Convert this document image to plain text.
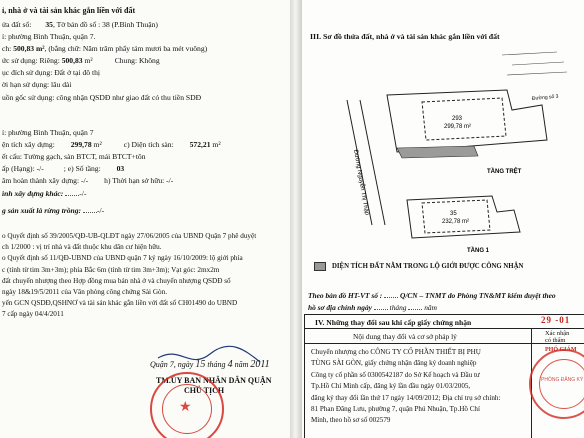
ỉ, nhà ở và tài sản khác gắn liền với đất
ửa đất số: 35, Tờ bản đồ số : 38 (P.Bình Thuận)
ỉ: phường Bình Thuận, quận 7.
ch: 500,83 m², (bằng chữ: Năm trăm phẩy tám mươi ba mét vuông)
ức sử dụng: Riêng: 500,83 m²	Chung: Không
ục đích sử dụng: Đất ở tại đô thị
ời hạn sử dụng: lâu dài
uồn gốc sử dụng: công nhận QSDĐ như giao đất có thu tiền SDĐ
ỉ: phường Bình Thuận, quận 7
ện tích xây dựng: 299,78 m²	c) Diện tích sàn: 572,21 m²
ết cấu: Tường gạch, sàn BTCT, mái BTCT+tôn
ấp (Hạng): -/-	; e) Số tầng: 03
ăm hoàn thành xây dựng: -/- h) Thời hạn sở hữu: -/-
ình xây dựng khác: -/-
g sản xuất là rừng trồng: -/-
o Quyết định số 39/2005/QĐ-UB-QLĐT ngày 27/06/2005 của UBND Quận 7 phê duyệt
ch 1/2000 : vị trí nhà và đất thuộc khu dân cư hiện hữu.
o Quyết định số 11/QĐ-UBND của UBND quận 7 ký ngày 16/10/2009: lộ giới phía
c (tính từ tim 3m+3m); phía Bắc 6m (tính từ tim 3m+3m); Vạt góc: 2mx2m
đất chuyển nhượng theo Hợp đồng mua bán nhà ở và chuyển nhượng QSDĐ số
ngày 18&19/5/2011 của Văn phòng công chứng Sài Gòn.
yển GCN QSDĐ,QSHNƠ và tài sản khác gắn liền với đất số CH01490 do UBND
7 cấp ngày 04/4/2011
Quận 7, ngày 15 tháng 4 năm 2011
TM.ỦY BAN NHÂN DÂN QUẬN
CHỦ TỊCH
★
III. Sơ đồ thửa đất, nhà ở và tài sản khác gắn liền với đất
Đường Nguyễn Thị Thập
293
299,78 m²
Đường số 3
TẦNG TRỆT
35
232,78 m²
TẦNG 1
DIỆN TÍCH ĐẤT NẰM TRONG LỘ GIỚI ĐƯỢC CÔNG NHẬN
Theo bản đồ HT-VT số : Q/CN – TNMT do Phòng TN&MT kiểm duyệt theo
hồ sơ địa chính ngày tháng năm
IV. Những thay đổi sau khi cấp giấy chứng nhận	29 -01
Nội dung thay đổi và cơ sở pháp lý	Xác nhận
có thẩm
Chuyển nhượng cho CÔNG TY CỔ PHẦN THIẾT BỊ PHỤ
TÙNG SÀI GÒN, giấy chứng nhận đăng ký doanh nghiệp
Công ty cổ phần số 0300542187 do Sở Kế hoạch và Đầu tư
Tp.Hồ Chí Minh cấp, đăng ký lần đầu ngày 01/03/2005,
đăng ký thay đổi lần thứ 17 ngày 14/09/2012; Địa chỉ trụ sở chính:
81 Phan Đăng Lưu, phường 7, quận Phú Nhuận, Tp.Hồ Chí
Minh, theo hồ sơ số 002579
PHÒNG ĐĂNG KÝ
PHÓ GIÁM
